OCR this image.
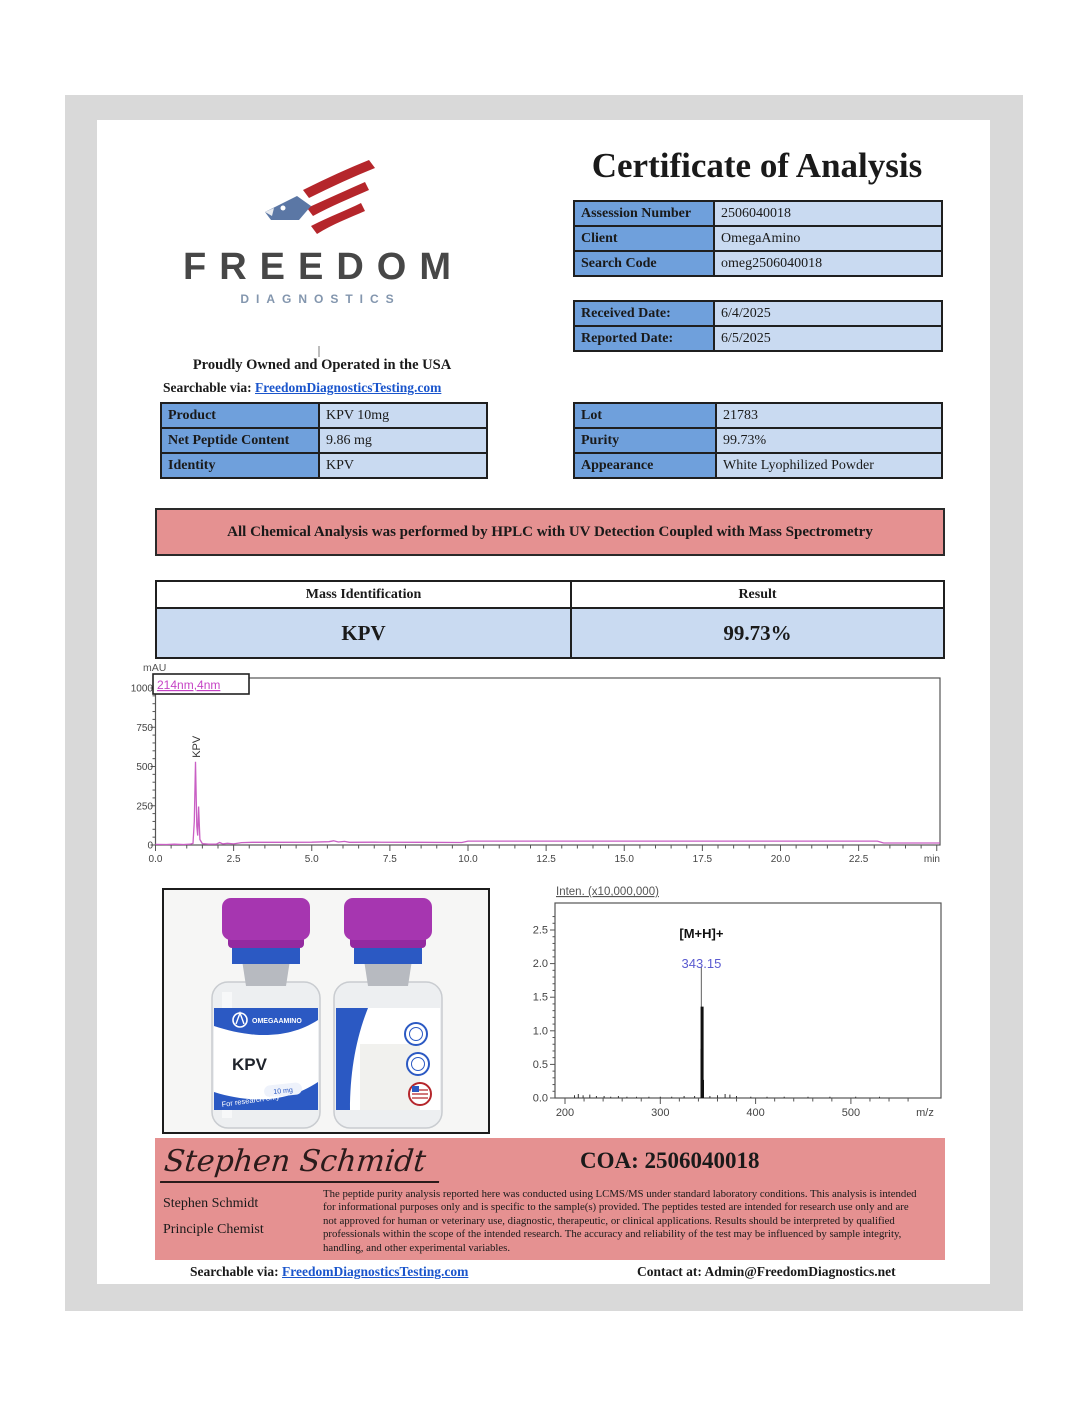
FREEDOM
DIAGNOSTICS
Certificate of Analysis
Assession Number	2506040018
Client	OmegaAmino
Search Code	omeg2506040018
Received Date:	6/4/2025
Reported Date:	6/5/2025
Proudly Owned and Operated in the USA
Searchable via: FreedomDiagnosticsTesting.com
Product	KPV 10mg
Net Peptide Content	9.86 mg
Identity	KPV
Lot	21783
Purity	99.73%
Appearance	White Lyophilized Powder
All Chemical Analysis was performed by HPLC with UV Detection Coupled with Mass Spectrometry
Mass Identification	Result
KPV	99.73%
0
250
500
750
1000
0.0	2.5	5.0	7.5	10.0	12.5	15.0	17.5	20.0	22.5	min
mAU
KPV
214nm,4nm
OMEGAAMINO
KPV
10 mg
For research only
Inten. (x10,000,000)
0.0
0.5
1.0
1.5
2.0
2.5
200	300	400	500	m/z
[M+H]+
343.15
Stephen Schmidt
Stephen Schmidt
Principle Chemist
COA: 2506040018
The peptide purity analysis reported here was conducted using LCMS/MS under standard laboratory conditions. This analysis is intended for informational purposes only and is specific to the sample(s) provided. The peptides tested are intended for research use only and are not approved for human or veterinary use, diagnostic, therapeutic, or clinical applications. Results should be interpreted by qualified professionals within the scope of the intended research. The accuracy and reliability of the test may be influenced by sample integrity, handling, and other experimental variables.
Searchable via: FreedomDiagnosticsTesting.com	Contact at: Admin@FreedomDiagnostics.net
